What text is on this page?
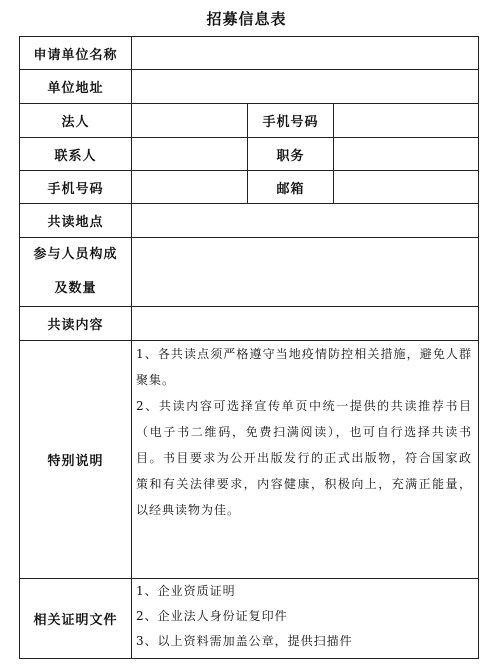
招募信息表
申请单位名称			
单位地址			
法人		手机号码	
联系人		职务	
手机号码		邮箱	
共读地点			
参与人员构成
及数量			
共读内容			
特别说明	1、各共读点须严格遵守当地疫情防控相关措施，避免人群聚集。

2、共读内容可选择宣传单页中统一提供的共读推荐书目（电子书二维码，免费扫满阅读），也可自行选择共读书目。书目要求为公开出版发行的正式出版物，符合国家政策和有关法律要求，内容健康，积极向上，充满正能量，以经典读物为佳。		

相关证明文件	1、企业资质证明
2、企业法人身份证复印件
3、以上资料需加盖公章，提供扫描件		
